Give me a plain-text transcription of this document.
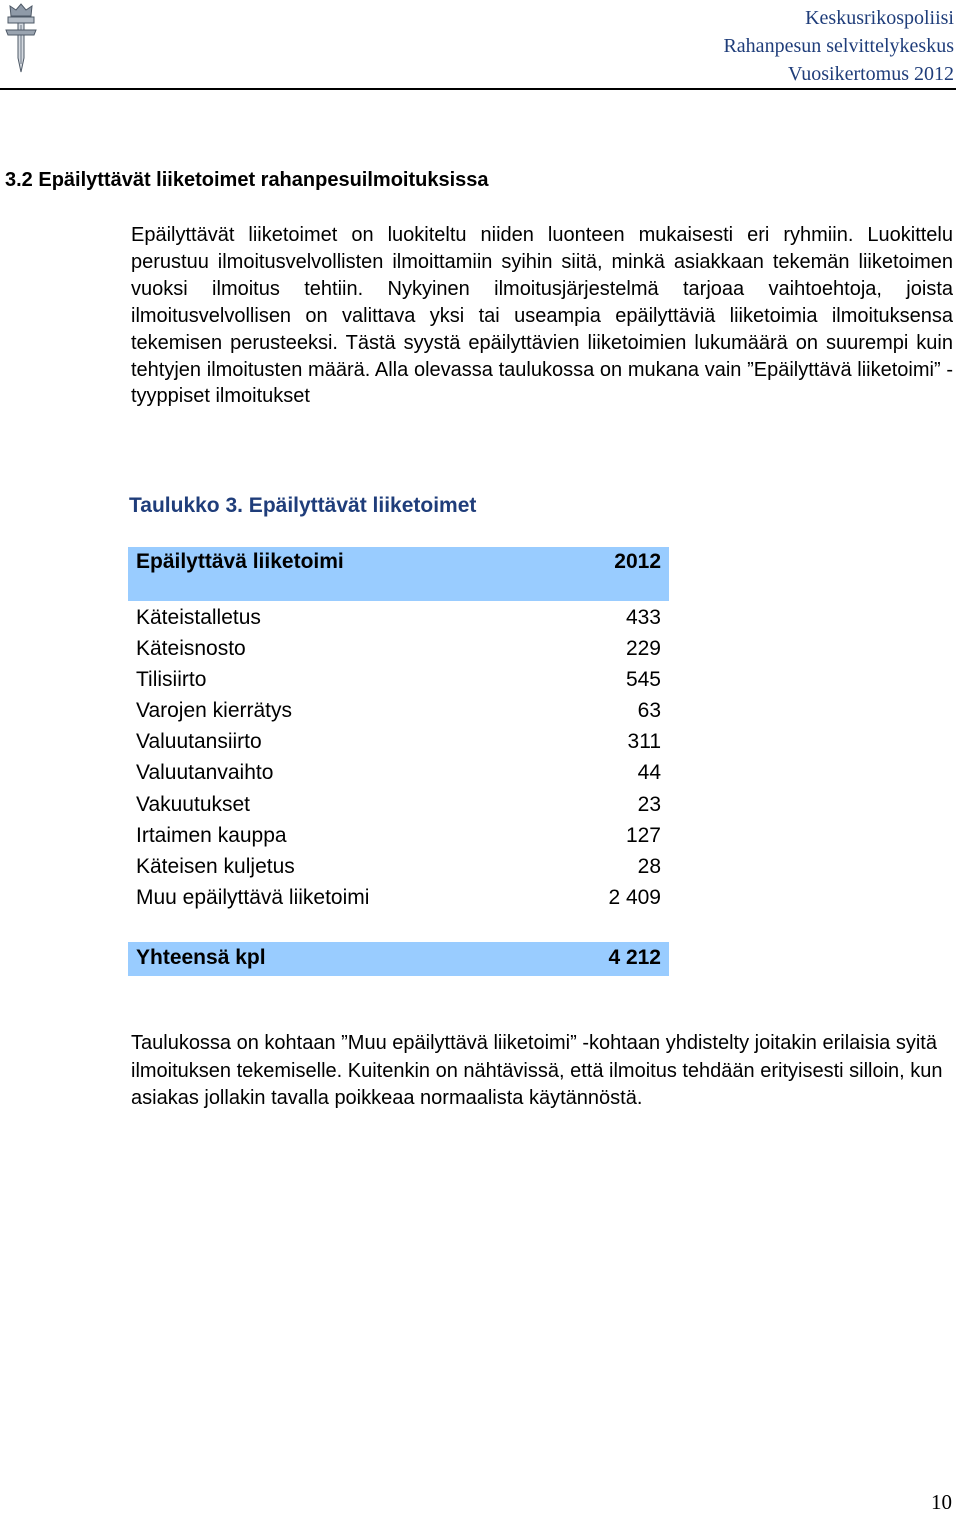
Keskusrikospoliisi
Rahanpesun selvittelykeskus
Vuosikertomus 2012
3.2 Epäilyttävät liiketoimet rahanpesuilmoituksissa
Epäilyttävät liiketoimet on luokiteltu niiden luonteen mukaisesti eri ryhmiin. Luokittelu perustuu ilmoitusvelvollisten ilmoittamiin syihin siitä, minkä asiakkaan tekemän liiketoimen vuoksi ilmoitus tehtiin. Nykyinen ilmoitusjärjestelmä tarjoaa vaihtoehtoja, joista ilmoitusvelvollisen on valittava yksi tai useampia epäilyttäviä liiketoimia ilmoituksensa tekemisen perusteeksi. Tästä syystä epäilyttävien liiketoimien lukumäärä on suurempi kuin tehtyjen ilmoitusten määrä. Alla olevassa taulukossa on mukana vain ”Epäilyttävä liiketoimi” -tyyppiset ilmoitukset
Taulukko 3. Epäilyttävät liiketoimet
Epäilyttävä liiketoimi	2012
Käteistalletus	433
Käteisnosto	229
Tilisiirto	545
Varojen kierrätys	63
Valuutansiirto	311
Valuutanvaihto	44
Vakuutukset	23
Irtaimen kauppa	127
Käteisen kuljetus	28
Muu epäilyttävä liiketoimi	2 409
Yhteensä kpl	4 212
Taulukossa on kohtaan ”Muu epäilyttävä liiketoimi” -kohtaan yhdistelty joitakin erilaisia syitä ilmoituksen tekemiselle. Kuitenkin on nähtävissä, että ilmoitus tehdään erityisesti silloin, kun asiakas jollakin tavalla poikkeaa normaalista käytännöstä.
10
